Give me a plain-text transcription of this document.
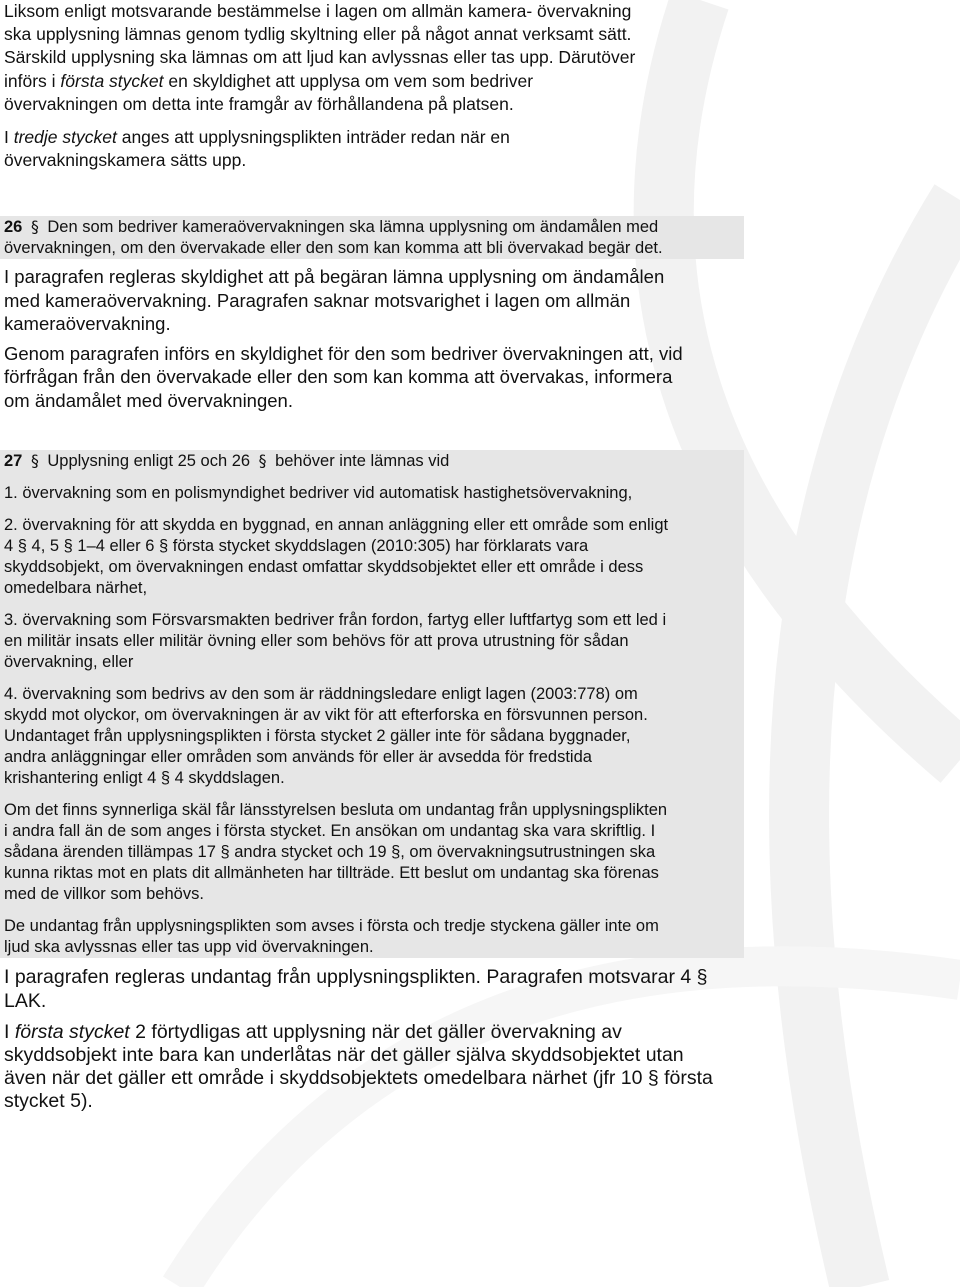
Liksom enligt motsvarande bestämmelse i lagen om allmän kamera- övervakning
ska upplysning lämnas genom tydlig skyltning eller på något annat verksamt sätt.
Särskild upplysning ska lämnas om att ljud kan avlyssnas eller tas upp. Därutöver
införs i första stycket en skyldighet att upplysa om vem som bedriver
övervakningen om detta inte framgår av förhållandena på platsen.
I tredje stycket anges att upplysningsplikten inträder redan när en
övervakningskamera sätts upp.
26 § Den som bedriver kameraövervakningen ska lämna upplysning om ändamålen med
övervakningen, om den övervakade eller den som kan komma att bli övervakad begär det.
I paragrafen regleras skyldighet att på begäran lämna upplysning om ändamålen
med kameraövervakning. Paragrafen saknar motsvarighet i lagen om allmän
kameraövervakning.
Genom paragrafen införs en skyldighet för den som bedriver övervakningen att, vid
förfrågan från den övervakade eller den som kan komma att övervakas, informera
om ändamålet med övervakningen.
27 § Upplysning enligt 25 och 26 § behöver inte lämnas vid
1. övervakning som en polismyndighet bedriver vid automatisk hastighetsövervakning,
2. övervakning för att skydda en byggnad, en annan anläggning eller ett område som enligt
4 § 4, 5 § 1–4 eller 6 § första stycket skyddslagen (2010:305) har förklarats vara
skyddsobjekt, om övervakningen endast omfattar skyddsobjektet eller ett område i dess
omedelbara närhet,
3. övervakning som Försvarsmakten bedriver från fordon, fartyg eller luftfartyg som ett led i
en militär insats eller militär övning eller som behövs för att prova utrustning för sådan
övervakning, eller
4. övervakning som bedrivs av den som är räddningsledare enligt lagen (2003:778) om
skydd mot olyckor, om övervakningen är av vikt för att efterforska en försvunnen person.
Undantaget från upplysningsplikten i första stycket 2 gäller inte för sådana byggnader,
andra anläggningar eller områden som används för eller är avsedda för fredstida
krishantering enligt 4 § 4 skyddslagen.
Om det finns synnerliga skäl får länsstyrelsen besluta om undantag från upplysningsplikten
i andra fall än de som anges i första stycket. En ansökan om undantag ska vara skriftlig. I
sådana ärenden tillämpas 17 § andra stycket och 19 §, om övervakningsutrustningen ska
kunna riktas mot en plats dit allmänheten har tillträde. Ett beslut om undantag ska förenas
med de villkor som behövs.
De undantag från upplysningsplikten som avses i första och tredje styckena gäller inte om
ljud ska avlyssnas eller tas upp vid övervakningen.
I paragrafen regleras undantag från upplysningsplikten. Paragrafen motsvarar 4 §
LAK.
I första stycket 2 förtydligas att upplysning när det gäller övervakning av
skyddsobjekt inte bara kan underlåtas när det gäller själva skyddsobjektet utan
även när det gäller ett område i skyddsobjektets omedelbara närhet (jfr 10 § första
stycket 5).
